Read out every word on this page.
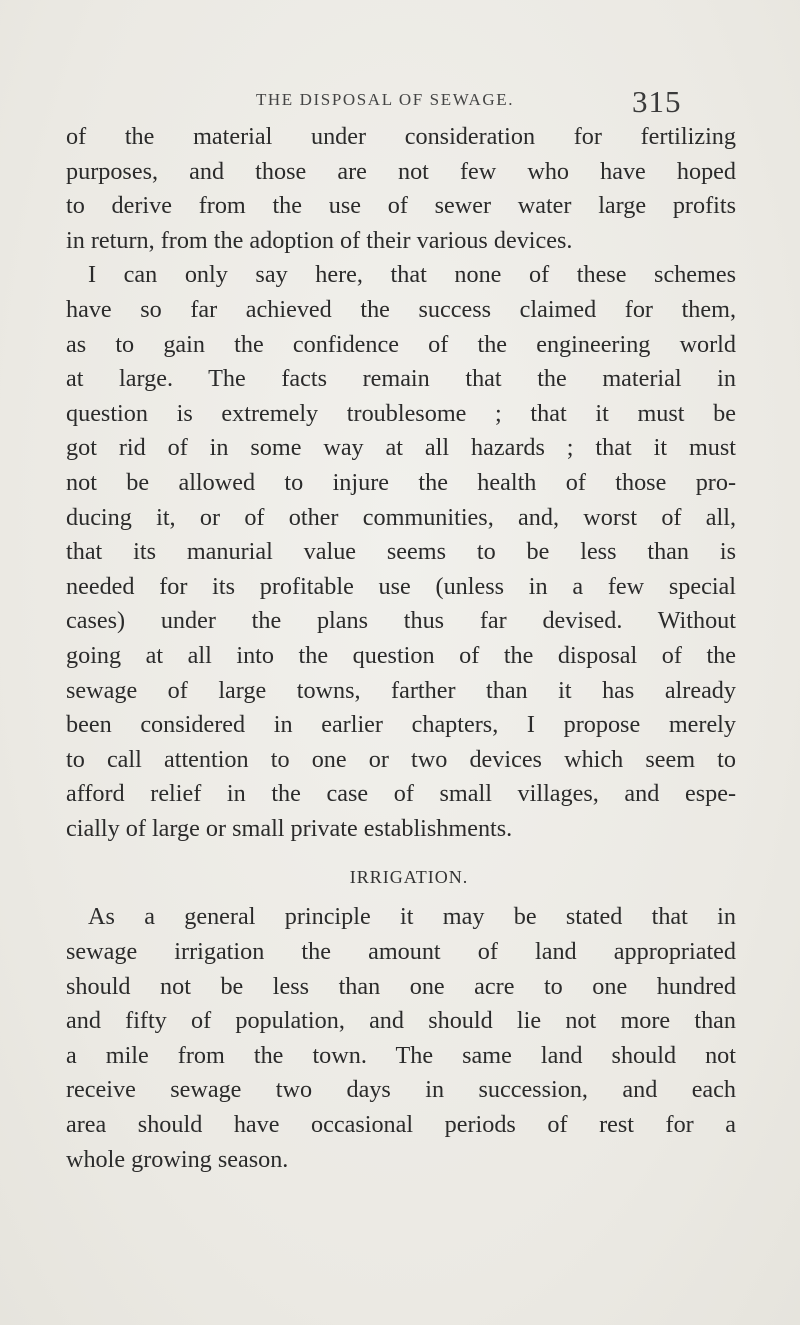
THE DISPOSAL OF SEWAGE.	315
of the material under consideration for fertilizing
purposes, and those are not few who have hoped
to derive from the use of sewer water large profits
in return, from the adoption of their various devices.
I can only say here, that none of these schemes
have so far achieved the success claimed for them,
as to gain the confidence of the engineering world
at large. The facts remain that the material in
question is extremely troublesome ; that it must be
got rid of in some way at all hazards ; that it must
not be allowed to injure the health of those pro-
ducing it, or of other communities, and, worst of all,
that its manurial value seems to be less than is
needed for its profitable use (unless in a few special
cases) under the plans thus far devised. Without
going at all into the question of the disposal of the
sewage of large towns, farther than it has already
been considered in earlier chapters, I propose merely
to call attention to one or two devices which seem to
afford relief in the case of small villages, and espe-
cially of large or small private establishments.
IRRIGATION.
As a general principle it may be stated that in
sewage irrigation the amount of land appropriated
should not be less than one acre to one hundred
and fifty of population, and should lie not more than
a mile from the town. The same land should not
receive sewage two days in succession, and each
area should have occasional periods of rest for a
whole growing season.
